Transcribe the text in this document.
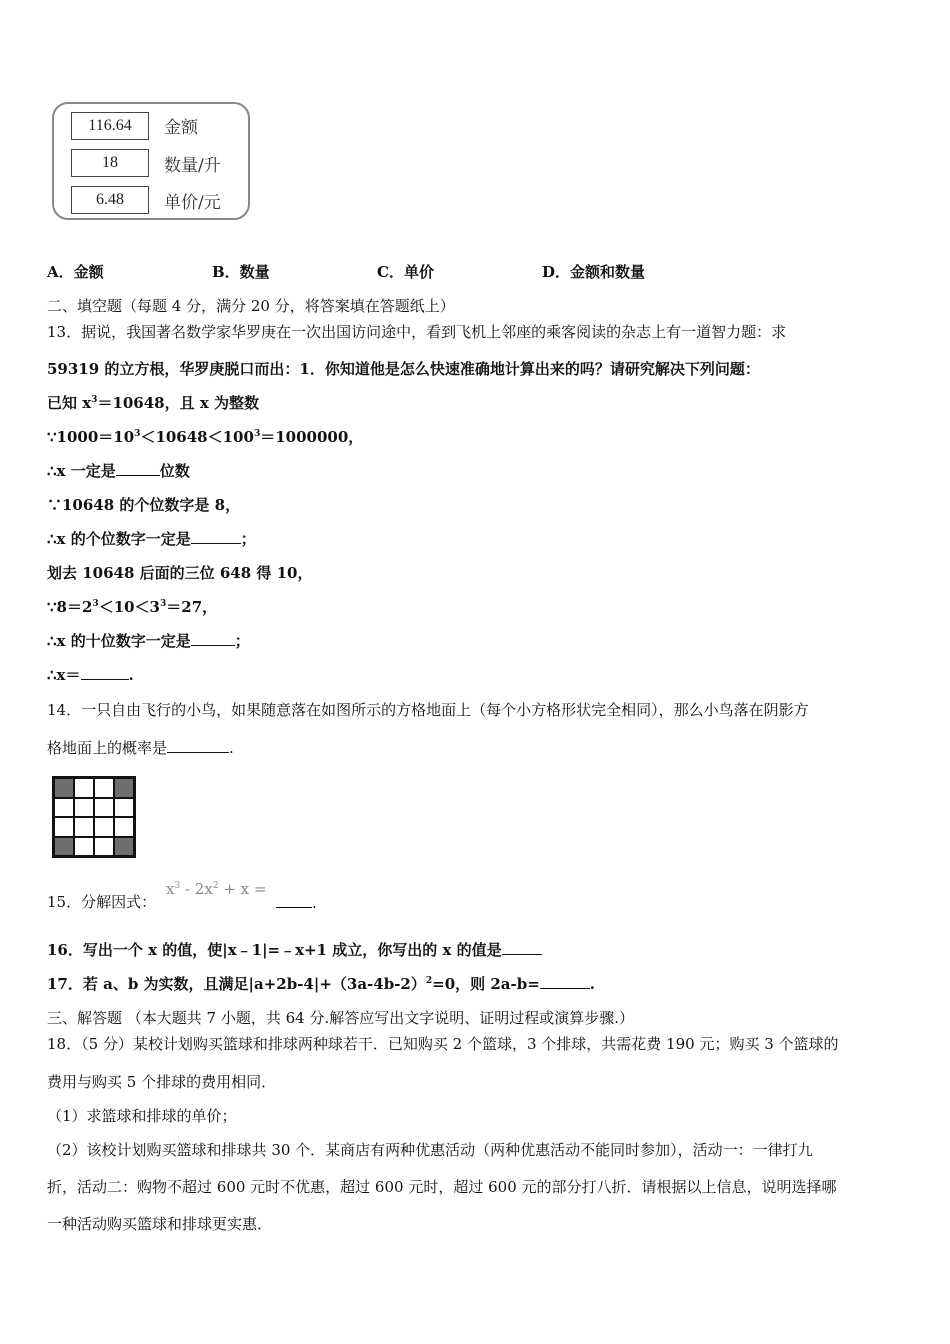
116.64	金额
18	数量/升
6.48	单价/元
A．金额	B．数量	C．单价	D．金额和数量
二、填空题（每题 4 分，满分 20 分，将答案填在答题纸上）
13．据说，我国著名数学家华罗庚在一次出国访问途中，看到飞机上邻座的乘客阅读的杂志上有一道智力题：求
59319 的立方根，华罗庚脱口而出：1．你知道他是怎么快速准确地计算出来的吗？请研究解决下列问题：
已知 $x^3=10648$，且 x 为整数
$\because 1000=10^3<10648<100^3=1000000$，
∴x 一定是	位数
∵10648 的个位数字是 8，
∴x 的个位数字一定是	；
划去 10648 后面的三位 648 得 10，
$\because 8=2^3<10<3^3=27$，
∴x 的十位数字一定是	；
∴x＝	.
14．一只自由飞行的小鸟，如果随意落在如图所示的方格地面上（每个小方格形状完全相同），那么小鸟落在阴影方
格地面上的概率是	.
15．分解因式：
$x^3 - 2x^2 + x$ =
.
16．写出一个 x 的值，使|x﹣1|=﹣x+1 成立，你写出的 x 的值是
17．若 a、b 为实数，且满足$|a+2b-4|+(3a-4b-2)^2=0$，则 2a-b=	.
三、解答题 （本大题共 7 小题，共 64 分.解答应写出文字说明、证明过程或演算步骤.）
18．（5 分）某校计划购买篮球和排球两种球若干．已知购买 2 个篮球，3 个排球，共需花费 190 元；购买 3 个篮球的
费用与购买 5 个排球的费用相同．
（1）求篮球和排球的单价；
（2）该校计划购买篮球和排球共 30 个．某商店有两种优惠活动（两种优惠活动不能同时参加），活动一：一律打九
折，活动二：购物不超过 600 元时不优惠，超过 600 元时，超过 600 元的部分打八折．请根据以上信息，说明选择哪
一种活动购买篮球和排球更实惠．
